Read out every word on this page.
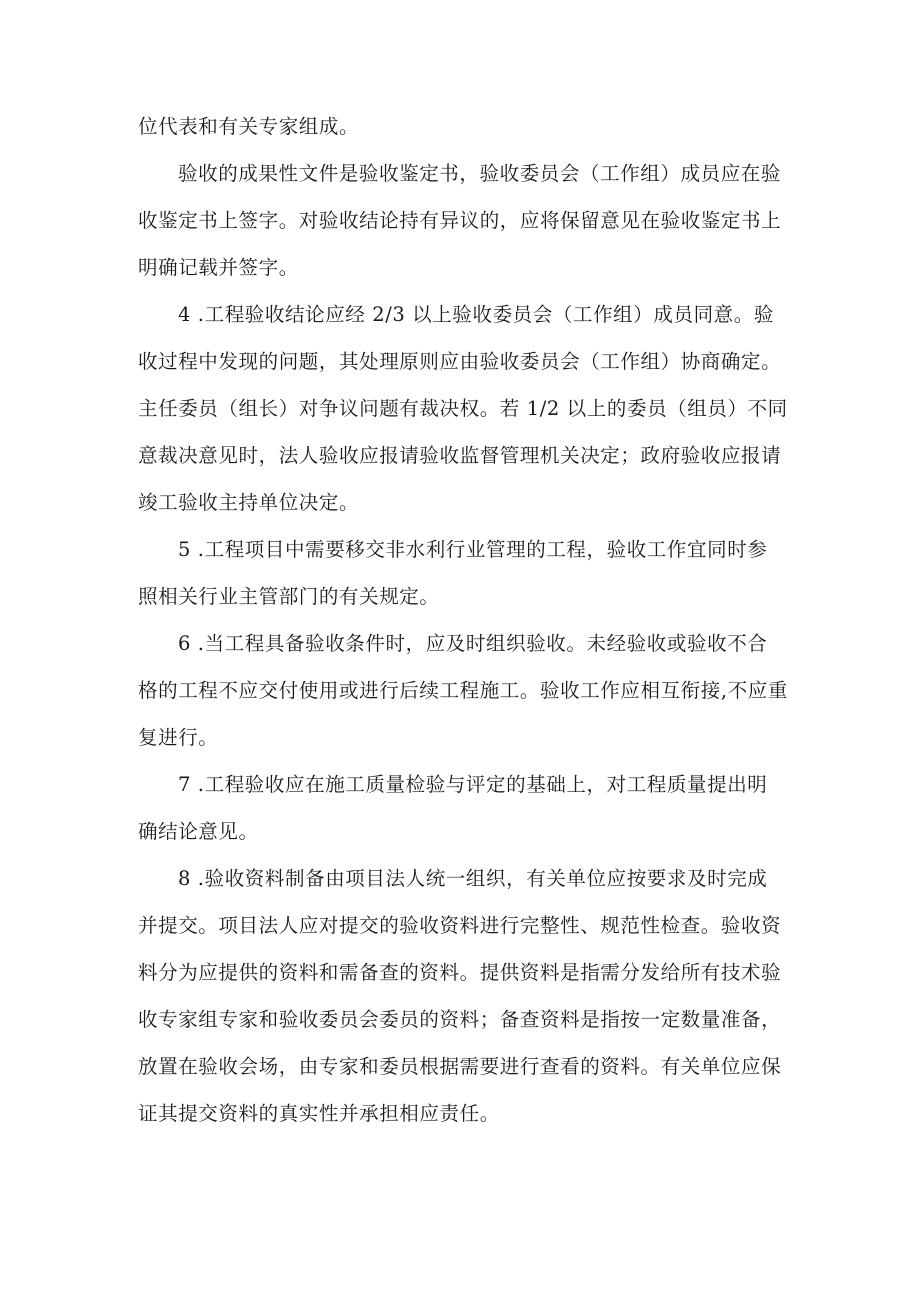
位代表和有关专家组成。
验收的成果性文件是验收鉴定书，验收委员会（工作组）成员应在验
收鉴定书上签字。对验收结论持有异议的，应将保留意见在验收鉴定书上
明确记载并签字。
4 .工程验收结论应经 2/3 以上验收委员会（工作组）成员同意。验
收过程中发现的问题，其处理原则应由验收委员会（工作组）协商确定。
主任委员（组长）对争议问题有裁决权。若 1/2 以上的委员（组员）不同
意裁决意见时，法人验收应报请验收监督管理机关决定；政府验收应报请
竣工验收主持单位决定。
5 .工程项目中需要移交非水利行业管理的工程，验收工作宜同时参
照相关行业主管部门的有关规定。
6 .当工程具备验收条件时，应及时组织验收。未经验收或验收不合
格的工程不应交付使用或进行后续工程施工。验收工作应相互衔接,不应重
复进行。
7 .工程验收应在施工质量检验与评定的基础上，对工程质量提出明
确结论意见。
8 .验收资料制备由项目法人统一组织，有关单位应按要求及时完成
并提交。项目法人应对提交的验收资料进行完整性、规范性检查。验收资
料分为应提供的资料和需备查的资料。提供资料是指需分发给所有技术验
收专家组专家和验收委员会委员的资料；备查资料是指按一定数量准备，
放置在验收会场，由专家和委员根据需要进行查看的资料。有关单位应保
证其提交资料的真实性并承担相应责任。
